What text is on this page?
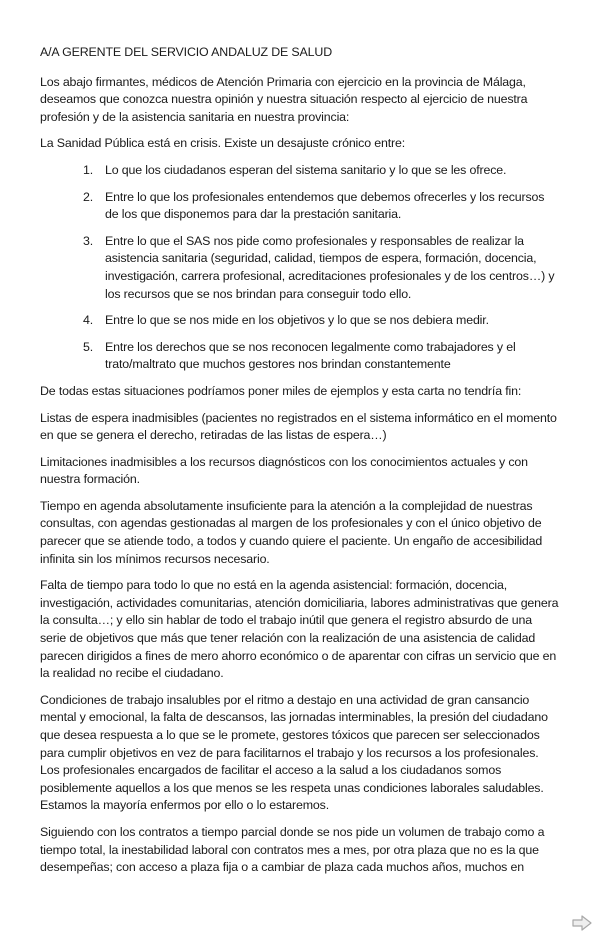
A/A GERENTE DEL SERVICIO ANDALUZ DE SALUD

Los abajo firmantes, médicos de Atención Primaria con ejercicio en la provincia de Málaga, deseamos que conozca nuestra opinión y nuestra situación respecto al ejercicio de nuestra profesión y de la asistencia sanitaria en nuestra provincia:

La Sanidad Pública está en crisis. Existe un desajuste crónico entre:

1. Lo que los ciudadanos esperan del sistema sanitario y lo que se les ofrece.
2. Entre lo que los profesionales entendemos que debemos ofrecerles y los recursos de los que disponemos para dar la prestación sanitaria.
3. Entre lo que el SAS nos pide como profesionales y responsables de realizar la asistencia sanitaria (seguridad, calidad, tiempos de espera, formación, docencia, investigación, carrera profesional, acreditaciones profesionales y de los centros…) y los recursos que se nos brindan para conseguir todo ello.
4. Entre lo que se nos mide en los objetivos y lo que se nos debiera medir.
5. Entre los derechos que se nos reconocen legalmente como trabajadores y el trato/maltrato que muchos gestores nos brindan constantemente

De todas estas situaciones podríamos poner miles de ejemplos y esta carta no tendría fin:

Listas de espera inadmisibles (pacientes no registrados en el sistema informático en el momento en que se genera el derecho, retiradas de las listas de espera…)

Limitaciones inadmisibles a los recursos diagnósticos con los conocimientos actuales y con nuestra formación.

Tiempo en agenda absolutamente insuficiente para la atención a la complejidad de nuestras consultas, con agendas gestionadas al margen de los profesionales y con el único objetivo de parecer que se atiende todo, a todos y cuando quiere el paciente. Un engaño de accesibilidad infinita sin los mínimos recursos necesario.

Falta de tiempo para todo lo que no está en la agenda asistencial: formación, docencia, investigación, actividades comunitarias, atención domiciliaria, labores administrativas que genera la consulta…; y ello sin hablar de todo el trabajo inútil que genera el registro absurdo de una serie de objetivos que más que tener relación con la realización de una asistencia de calidad parecen dirigidos a fines de mero ahorro económico o de aparentar con cifras un servicio que en la realidad no recibe el ciudadano.

Condiciones de trabajo insalubles por el ritmo a destajo en una actividad de gran cansancio mental y emocional, la falta de descansos, las jornadas interminables, la presión del ciudadano que desea respuesta a lo que se le promete, gestores tóxicos que parecen ser seleccionados para cumplir objetivos en vez de para facilitarnos el trabajo y los recursos a los profesionales. Los profesionales encargados de facilitar el acceso a la salud a los ciudadanos somos posiblemente aquellos a los que menos se les respeta unas condiciones laborales saludables. Estamos la mayoría enfermos por ello o lo estaremos.

Siguiendo con los contratos a tiempo parcial donde se nos pide un volumen de trabajo como a tiempo total, la inestabilidad laboral con contratos mes a mes, por otra plaza que no es la que desempeñas; con acceso a plaza fija o a cambiar de plaza cada muchos años, muchos en
